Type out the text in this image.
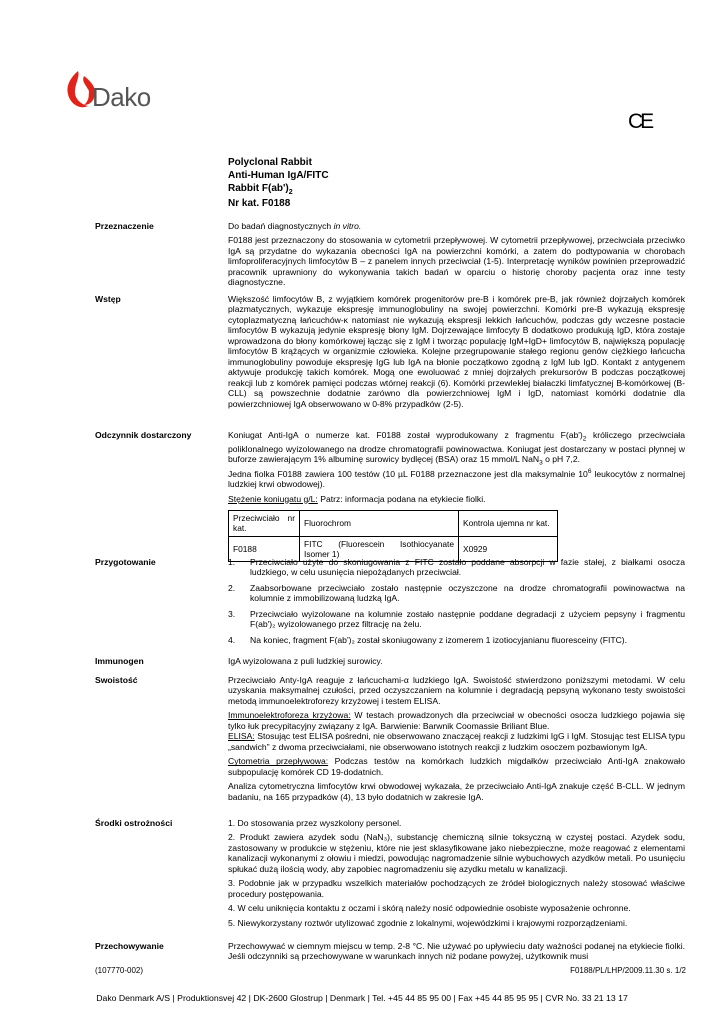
Dako
CE
Polyclonal Rabbit
Anti-Human IgA/FITC
Rabbit $F(ab')_2$
Nr kat. F0188
Przeznaczenie	Do badań diagnostycznych in vitro.

F0188 jest przeznaczony do stosowania w cytometrii przepływowej. W cytometrii przepływowej, przeciwciała przeciwko IgA są przydatne do wykazania obecności IgA na powierzchni komórki, a zatem do podtypowania w chorobach limfoproliferacyjnych limfocytów B – z panelem innych przeciwciał (1-5). Interpretację wyników powinien przeprowadzić pracownik uprawniony do wykonywania takich badań w oparciu o historię choroby pacjenta oraz inne testy diagnostyczne.

Wstęp	Większość limfocytów B, z wyjątkiem komórek progenitorów pre-B i komórek pre-B, jak również dojrzałych komórek plazmatycznych, wykazuje ekspresję immunoglobuliny na swojej powierzchni. Komórki pre-B wykazują ekspresję cytoplazmatyczną łańcuchów-κ natomiast nie wykazują ekspresji lekkich łańcuchów, podczas gdy wczesne postacie limfocytów B wykazują jedynie ekspresję błony IgM. Dojrzewające limfocyty B dodatkowo produkują IgD, która zostaje wprowadzona do błony komórkowej łącząc się z IgM i tworząc populację IgM+IgD+ limfocytów B, największą populację limfocytów B krążących w organizmie człowieka. Kolejne przegrupowanie stałego regionu genów ciężkiego łańcucha immunoglobuliny powoduje ekspresję IgG lub IgA na błonie początkowo zgodną z IgM lub IgD. Kontakt z antygenem aktywuje produkcję takich komórek. Mogą one ewoluować z mniej dojrzałych prekursorów B podczas początkowej reakcji lub z komórek pamięci podczas wtórnej reakcji (6). Komórki przewlekłej białaczki limfatycznej B-komórkowej (B-CLL) są powszechnie dodatnie zarówno dla powierzchniowej IgM i IgD, natomiast komórki dodatnie dla powierzchniowej IgA obserwowano w 0-8% przypadków (2-5).

Odczynnik dostarczony	Koniugat Anti-IgA o numerze kat. F0188 został wyprodukowany z fragmentu $F(ab')_2$ króliczego przeciwciała poliklonalnego wyizolowanego na drodze chromatografii powinowactwa. Koniugat jest dostarczany w postaci płynnej w buforze zawierającym 1% albuminę surowicy bydlęcej (BSA) oraz 15 mmol/L NaN$_3$ o pH 7,2.
Jedna fiolka F0188 zawiera 100 testów (10 µL F0188 przeznaczone jest dla maksymalnie $10^6$ leukocytów z normalnej ludzkiej krwi obwodowej).

Stężenie koniugatu g/L: Patrz: informacja podana na etykiecie fiolki.

Przeciwciało nr kat.	Fluorochrom	Kontrola ujemna nr kat.
F0188	FITC (Fluorescein Isothiocyanate Isomer 1)	X0929
Przygotowanie	1. Przeciwciało użyte do skoniugowania z FITC zostało poddane absorpcji w fazie stałej, z białkami osocza ludzkiego, w celu usunięcia niepożądanych przeciwciał.
2. Zaabsorbowane przeciwciało zostało następnie oczyszczone na drodze chromatografii powinowactwa na kolumnie z immobilizowaną ludzką IgA.
3. Przeciwciało wyizolowane na kolumnie zostało następnie poddane degradacji z użyciem pepsyny i fragmentu F(ab')₂ wyizolowanego przez filtrację na żelu.
4. Na koniec, fragment F(ab')₂ został skoniugowany z izomerem 1 izotiocyjanianu fluoresceiny (FITC).
Immunogen	IgA wyizolowana z puli ludzkiej surowicy.

Swoistość	Przeciwciało Anty-IgA reaguje z łańcuchami-α ludzkiego IgA. Swoistość stwierdzono poniższymi metodami. W celu uzyskania maksymalnej czułości, przed oczyszczaniem na kolumnie i degradacją pepsyną wykonano testy swoistości metodą immunoelektroforezy krzyżowej i testem ELISA.

Immunoelektroforeza krzyżowa: W testach prowadzonych dla przeciwciał w obecności osocza ludzkiego pojawia się tylko łuk precypitacyjny związany z IgA. Barwienie: Barwnik Coomassie Briliant Blue.
ELISA: Stosując test ELISA pośredni, nie obserwowano znaczącej reakcji z ludzkimi IgG i IgM. Stosując test ELISA typu „sandwich” z dwoma przeciwciałami, nie obserwowano istotnych reakcji z ludzkim osoczem pozbawionym IgA.

Cytometria przepływowa: Podczas testów na komórkach ludzkich migdałków przeciwciało Anti-IgA znakowało subpopulację komórek CD 19-dodatnich.

Analiza cytometryczna limfocytów krwi obwodowej wykazała, że przeciwciało Anti-IgA znakuje część B-CLL. W jednym badaniu, na 165 przypadków (4), 13 było dodatnich w zakresie IgA.

Środki ostrożności	1. Do stosowania przez wyszkolony personel.

2. Produkt zawiera azydek sodu (NaN₃), substancję chemiczną silnie toksyczną w czystej postaci. Azydek sodu, zastosowany w produkcie w stężeniu, które nie jest sklasyfikowane jako niebezpieczne, może reagować z elementami kanalizacji wykonanymi z ołowiu i miedzi, powodując nagromadzenie silnie wybuchowych azydków metali. Po usunięciu spłukać dużą ilością wody, aby zapobiec nagromadzeniu się azydku metalu w kanalizacji.

3. Podobnie jak w przypadku wszelkich materiałów pochodzących ze źródeł biologicznych należy stosować właściwe procedury postępowania.

4. W celu uniknięcia kontaktu z oczami i skórą należy nosić odpowiednie osobiste wyposażenie ochronne.

5. Niewykorzystany roztwór utylizować zgodnie z lokalnymi, wojewódzkimi i krajowymi rozporządzeniami.

Przechowywanie	Przechowywać w ciemnym miejscu w temp. 2-8 °C. Nie używać po upływieciu daty ważności podanej na etykiecie fiolki. Jeśli odczynniki są przechowywane w warunkach innych niż podane powyżej, użytkownik musi

(107770-002)	F0188/PL/LHP/2009.11.30 s. 1/2
Dako Denmark A/S | Produktionsvej 42 | DK-2600 Glostrup | Denmark | Tel. +45 44 85 95 00 | Fax +45 44 85 95 95 | CVR No. 33 21 13 17
